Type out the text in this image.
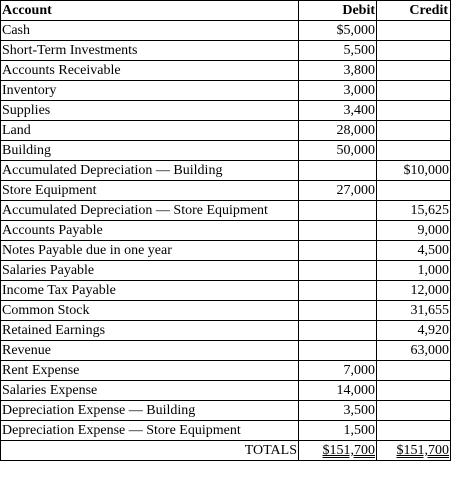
Account	Debit	Credit
Cash	$5,000	
Short-Term Investments	5,500	
Accounts Receivable	3,800	
Inventory	3,000	
Supplies	3,400	
Land	28,000	
Building	50,000	
Accumulated Depreciation — Building		$10,000
Store Equipment	27,000	
Accumulated Depreciation — Store Equipment		15,625
Accounts Payable		9,000
Notes Payable due in one year		4,500
Salaries Payable		1,000
Income Tax Payable		12,000
Common Stock		31,655
Retained Earnings		4,920
Revenue		63,000
Rent Expense	7,000	
Salaries Expense	14,000	
Depreciation Expense — Building	3,500	
Depreciation Expense — Store Equipment	1,500	
TOTALS	$151,700	$151,700
